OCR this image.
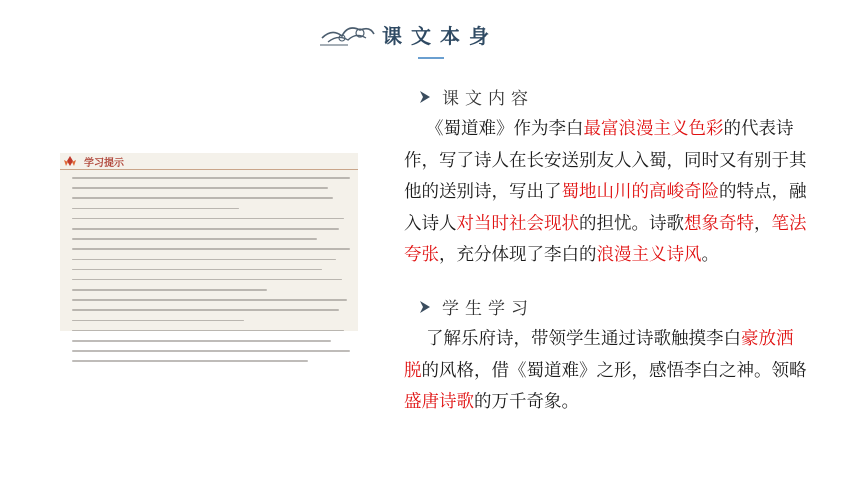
课文本身
学习提示
课文内容
《蜀道难》作为李白最富浪漫主义色彩的代表诗
作，写了诗人在长安送别友人入蜀，同时又有别于其
他的送别诗，写出了蜀地山川的高峻奇险的特点，融
入诗人对当时社会现状的担忧。诗歌想象奇特，笔法
夸张，充分体现了李白的浪漫主义诗风。
学生学习
了解乐府诗，带领学生通过诗歌触摸李白豪放洒
脱的风格，借《蜀道难》之形，感悟李白之神。领略
盛唐诗歌的万千奇象。
